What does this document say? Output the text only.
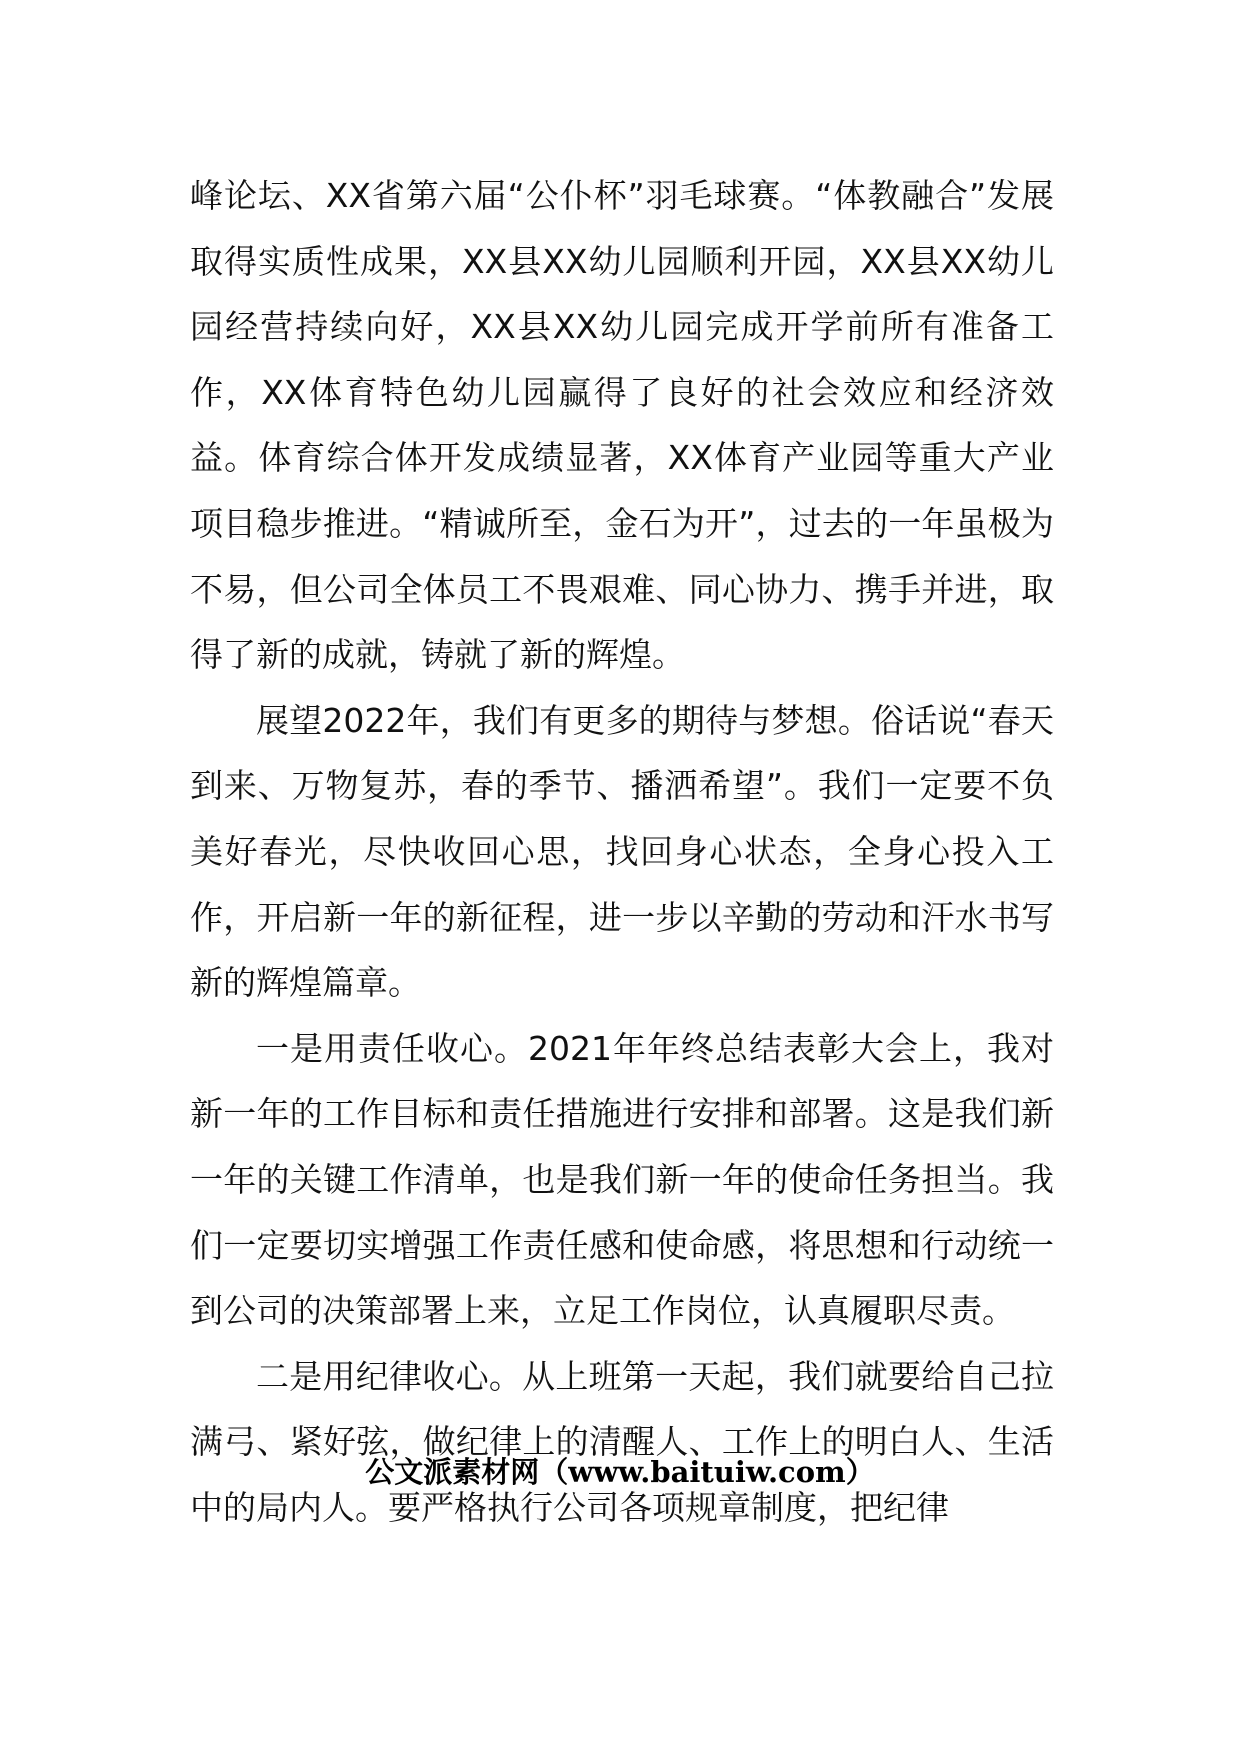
峰论坛、XX省第六届“公仆杯”羽毛球赛。“体教融合”发展取得实质性成果，XX县XX幼儿园顺利开园，XX县XX幼儿园经营持续向好，XX县XX幼儿园完成开学前所有准备工作，XX体育特色幼儿园赢得了良好的社会效应和经济效益。体育综合体开发成绩显著，XX体育产业园等重大产业项目稳步推进。“精诚所至，金石为开”，过去的一年虽极为不易，但公司全体员工不畏艰难、同心协力、携手并进，取得了新的成就，铸就了新的辉煌。

展望2022年，我们有更多的期待与梦想。俗话说“春天到来、万物复苏，春的季节、播洒希望”。我们一定要不负美好春光，尽快收回心思，找回身心状态，全身心投入工作，开启新一年的新征程，进一步以辛勤的劳动和汗水书写新的辉煌篇章。

一是用责任收心。2021年年终总结表彰大会上，我对新一年的工作目标和责任措施进行安排和部署。这是我们新一年的关键工作清单，也是我们新一年的使命任务担当。我们一定要切实增强工作责任感和使命感，将思想和行动统一到公司的决策部署上来，立足工作岗位，认真履职尽责。

二是用纪律收心。从上班第一天起，我们就要给自己拉满弓、紧好弦，做纪律上的清醒人、工作上的明白人、生活中的局内人。要严格执行公司各项规章制度，把纪律

公文派素材网（www.baituiw.com）
